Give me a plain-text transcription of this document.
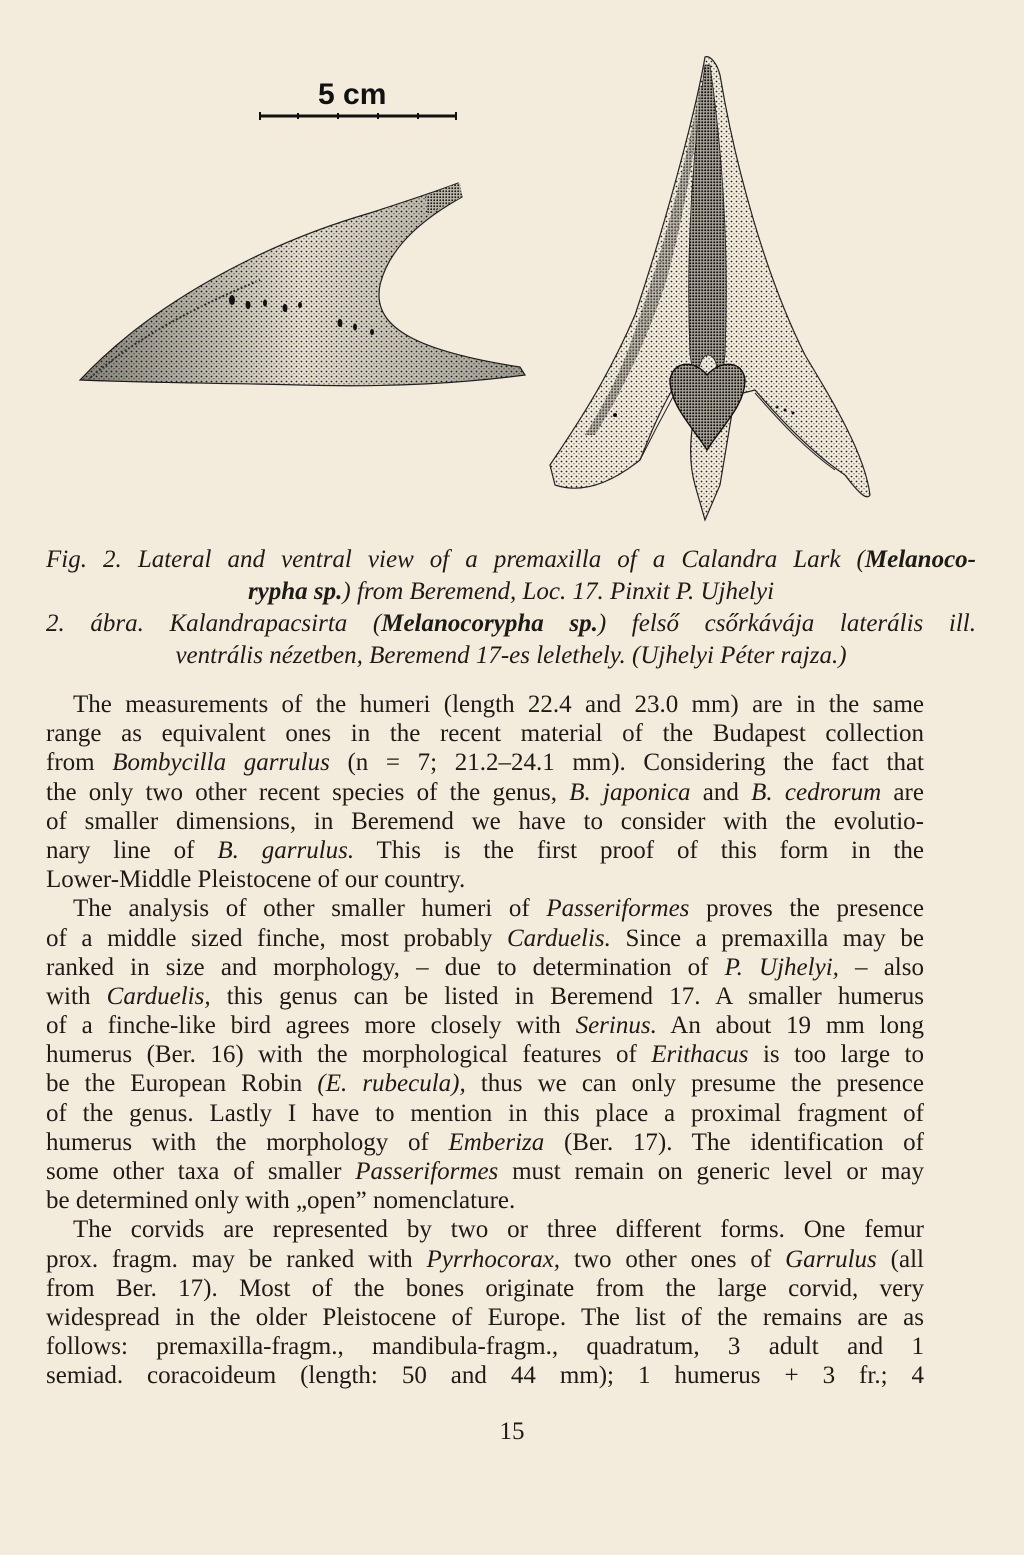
5 cm
Fig. 2. Lateral and ventral view of a premaxilla of a Calandra Lark (Melanoco-
rypha sp.) from Beremend, Loc. 17. Pinxit P. Ujhelyi
2. ábra. Kalandrapacsirta (Melanocorypha sp.) felső csőrkávája laterális ill.
ventrális nézetben, Beremend 17-es lelethely. (Ujhelyi Péter rajza.)
The measurements of the humeri (length 22.4 and 23.0 mm) are in the same
range as equivalent ones in the recent material of the Budapest collection
from Bombycilla garrulus (n = 7; 21.2–24.1 mm). Considering the fact that
the only two other recent species of the genus, B. japonica and B. cedrorum are
of smaller dimensions, in Beremend we have to consider with the evolutio-
nary line of B. garrulus. This is the first proof of this form in the
Lower-Middle Pleistocene of our country.
The analysis of other smaller humeri of Passeriformes proves the presence
of a middle sized finche, most probably Carduelis. Since a premaxilla may be
ranked in size and morphology, – due to determination of P. Ujhelyi, – also
with Carduelis, this genus can be listed in Beremend 17. A smaller humerus
of a finche-like bird agrees more closely with Serinus. An about 19 mm long
humerus (Ber. 16) with the morphological features of Erithacus is too large to
be the European Robin (E. rubecula), thus we can only presume the presence
of the genus. Lastly I have to mention in this place a proximal fragment of
humerus with the morphology of Emberiza (Ber. 17). The identification of
some other taxa of smaller Passeriformes must remain on generic level or may
be determined only with „open” nomenclature.
The corvids are represented by two or three different forms. One femur
prox. fragm. may be ranked with Pyrrhocorax, two other ones of Garrulus (all
from Ber. 17). Most of the bones originate from the large corvid, very
widespread in the older Pleistocene of Europe. The list of the remains are as
follows: premaxilla-fragm., mandibula-fragm., quadratum, 3 adult and 1
semiad. coracoideum (length: 50 and 44 mm); 1 humerus + 3 fr.; 4
15
